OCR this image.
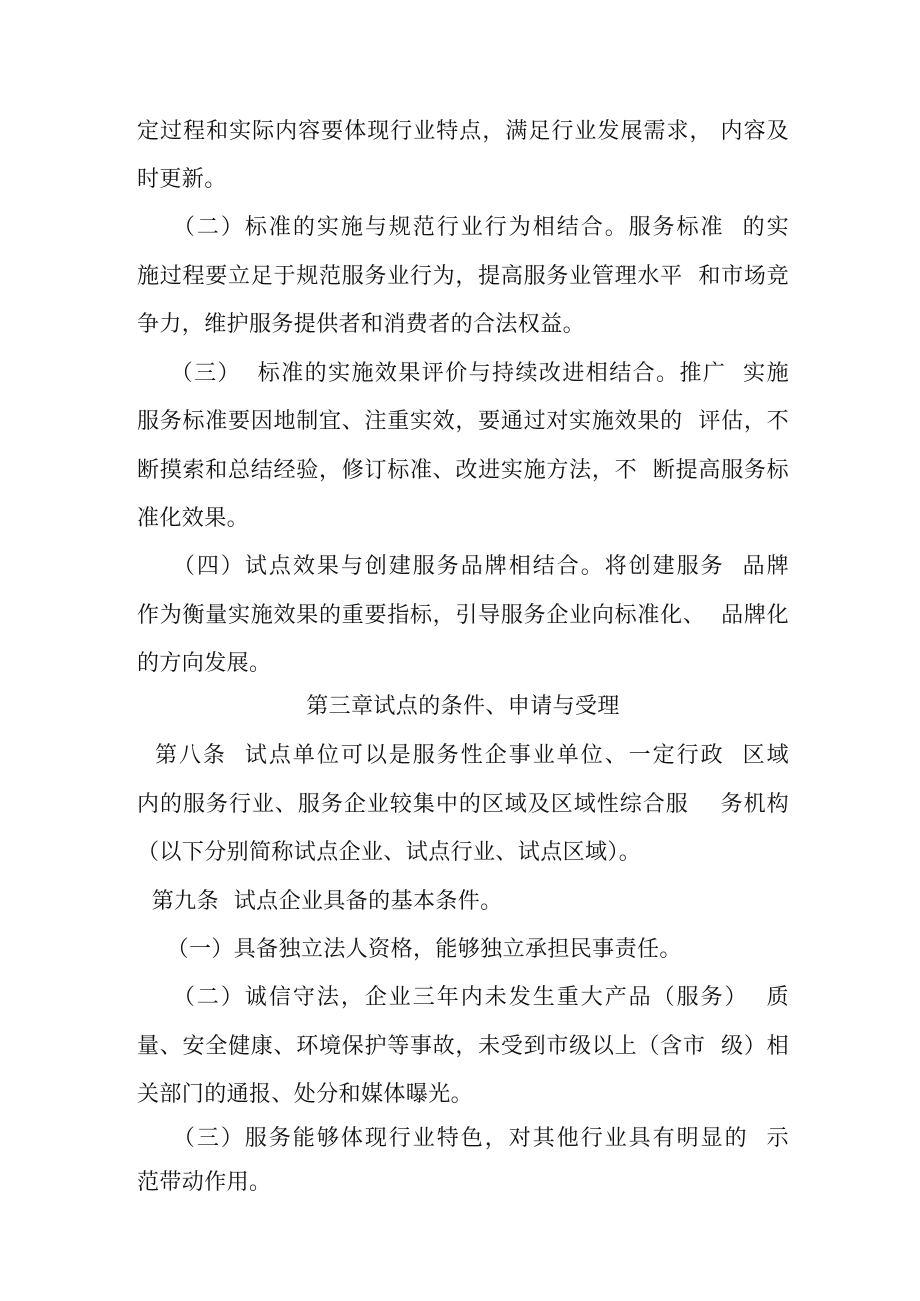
定过程和实际内容要体现行业特点，满足行业发展需求， 内容及
时更新。
（二）标准的实施与规范行业行为相结合。服务标准  的实
施过程要立足于规范服务业行为，提高服务业管理水平  和市场竞
争力，维护服务提供者和消费者的合法权益。
（三）  标准的实施效果评价与持续改进相结合。推广  实施
服务标准要因地制宜、注重实效，要通过对实施效果的  评估，不
断摸索和总结经验，修订标准、改进实施方法，不  断提高服务标
准化效果。
（四）试点效果与创建服务品牌相结合。将创建服务  品牌
作为衡量实施效果的重要指标，引导服务企业向标准化、  品牌化
的方向发展。
第三章试点的条件、申请与受理
第八条  试点单位可以是服务性企事业单位、一定行政  区域
内的服务行业、服务企业较集中的区域及区域性综合服    务机构
（以下分别简称试点企业、试点行业、试点区域）。
第九条  试点企业具备的基本条件。
（一）具备独立法人资格，能够独立承担民事责任。
（二）诚信守法，企业三年内未发生重大产品（服务）  质
量、安全健康、环境保护等事故，未受到市级以上（含市  级）相
关部门的通报、处分和媒体曝光。
（三）服务能够体现行业特色，对其他行业具有明显的  示
范带动作用。
